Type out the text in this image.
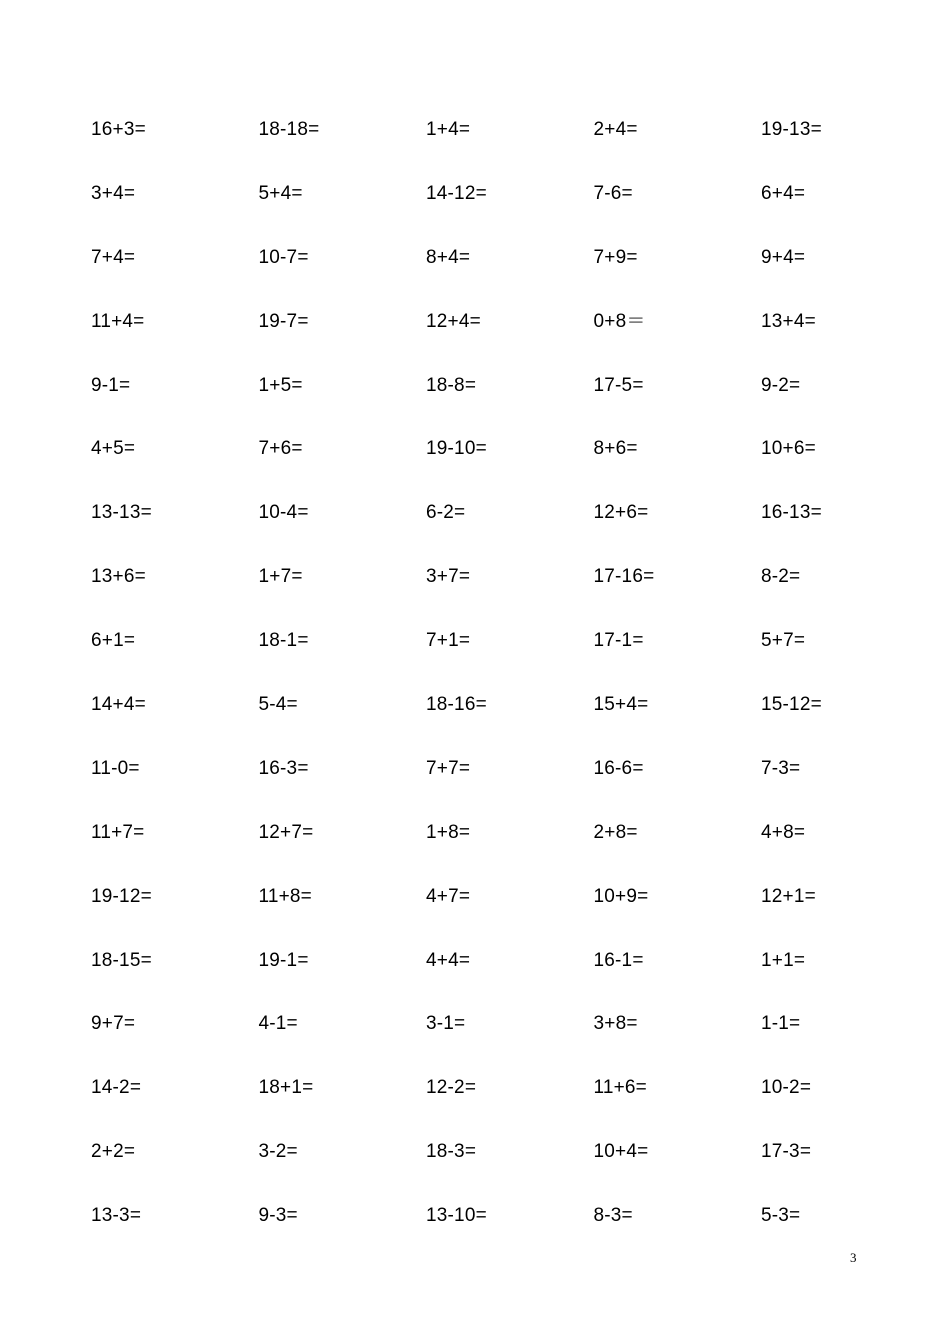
16+3=	18-18=	1+4=	2+4=	19-13=
3+4=	5+4=	14-12=	7-6=	6+4=
7+4=	10-7=	8+4=	7+9=	9+4=
11+4=	19-7=	12+4=	0+8＝	13+4=
9-1=	1+5=	18-8=	17-5=	9-2=
4+5=	7+6=	19-10=	8+6=	10+6=
13-13=	10-4=	6-2=	12+6=	16-13=
13+6=	1+7=	3+7=	17-16=	8-2=
6+1=	18-1=	7+1=	17-1=	5+7=
14+4=	5-4=	18-16=	15+4=	15-12=
11-0=	16-3=	7+7=	16-6=	7-3=
11+7=	12+7=	1+8=	2+8=	4+8=
19-12=	11+8=	4+7=	10+9=	12+1=
18-15=	19-1=	4+4=	16-1=	1+1=
9+7=	4-1=	3-1=	3+8=	1-1=
14-2=	18+1=	12-2=	11+6=	10-2=
2+2=	3-2=	18-3=	10+4=	17-3=
13-3=	9-3=	13-10=	8-3=	5-3=
3
